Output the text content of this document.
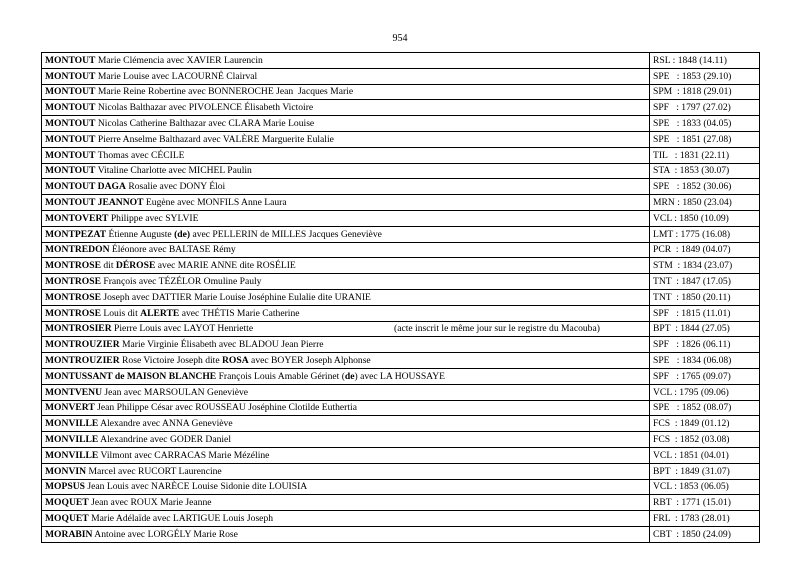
954
MONTOUT Marie Clémencia avec XAVIER Laurencin	RSL : 1848 (14.11)
MONTOUT Marie Louise avec LACOURNÉ Clairval	SPE   : 1853 (29.10)
MONTOUT Marie Reine Robertine avec BONNEROCHE Jean  Jacques Marie	SPM  : 1818 (29.01)
MONTOUT Nicolas Balthazar avec PIVOLENCE Élisabeth Victoire	SPF   : 1797 (27.02)
MONTOUT Nicolas Catherine Balthazar avec CLARA Marie Louise	SPE   : 1833 (04.05)
MONTOUT Pierre Anselme Balthazard avec VALÈRE Marguerite Eulalie	SPE   : 1851 (27.08)
MONTOUT Thomas avec CÉCILE	TIL   : 1831 (22.11)
MONTOUT Vitaline Charlotte avec MICHEL Paulin	STA  : 1853 (30.07)
MONTOUT DAGA Rosalie avec DONY Éloi	SPE   : 1852 (30.06)
MONTOUT JEANNOT Eugène avec MONFILS Anne Laura	MRN : 1850 (23.04)
MONTOVERT Philippe avec SYLVIE	VCL : 1850 (10.09)
MONTPEZAT Étienne Auguste (de) avec PELLERIN de MILLES Jacques Geneviève	LMT : 1775 (16.08)
MONTREDON Éléonore avec BALTASE Rémy	PCR  : 1849 (04.07)
MONTROSE dit DÉROSE avec MARIE ANNE dite ROSÉLIE	STM  : 1834 (23.07)
MONTROSE François avec TÉZÉLOR Omuline Pauly	TNT  : 1847 (17.05)
MONTROSE Joseph avec DATTIER Marie Louise Joséphine Eulalie dite URANIE	TNT  : 1850 (20.11)
MONTROSE Louis dit ALERTE avec THÉTIS Marie Catherine	SPF   : 1815 (11.01)
MONTROSIER Pierre Louis avec LAYOT Henriette (acte inscrit le même jour sur le registre du Macouba)	BPT  : 1844 (27.05)
MONTROUZIER Marie Virginie Élisabeth avec BLADOU Jean Pierre	SPF   : 1826 (06.11)
MONTROUZIER Rose Victoire Joseph dite ROSA avec BOYER Joseph Alphonse	SPE   : 1834 (06.08)
MONTUSSANT de MAISON BLANCHE François Louis Amable Gérinet (de) avec LA HOUSSAYE	SPF   : 1765 (09.07)
MONTVENU Jean avec MARSOULAN Geneviève	VCL : 1795 (09.06)
MONVERT Jean Philippe César avec ROUSSEAU Joséphine Clotilde Euthertia	SPE   : 1852 (08.07)
MONVILLE Alexandre avec ANNA Geneviève	FCS  : 1849 (01.12)
MONVILLE Alexandrine avec GODER Daniel	FCS  : 1852 (03.08)
MONVILLE Vilmont avec CARRACAS Marie Mézéline	VCL : 1851 (04.01)
MONVIN Marcel avec RUCORT Laurencine	BPT  : 1849 (31.07)
MOPSUS Jean Louis avec NARÈCE Louise Sidonie dite LOUISIA	VCL : 1853 (06.05)
MOQUET Jean avec ROUX Marie Jeanne	RBT  : 1771 (15.01)
MOQUET Marie Adélaïde avec LARTIGUE Louis Joseph	FRL  : 1783 (28.01)
MORABIN Antoine avec LORGÉLY Marie Rose	CBT  : 1850 (24.09)
